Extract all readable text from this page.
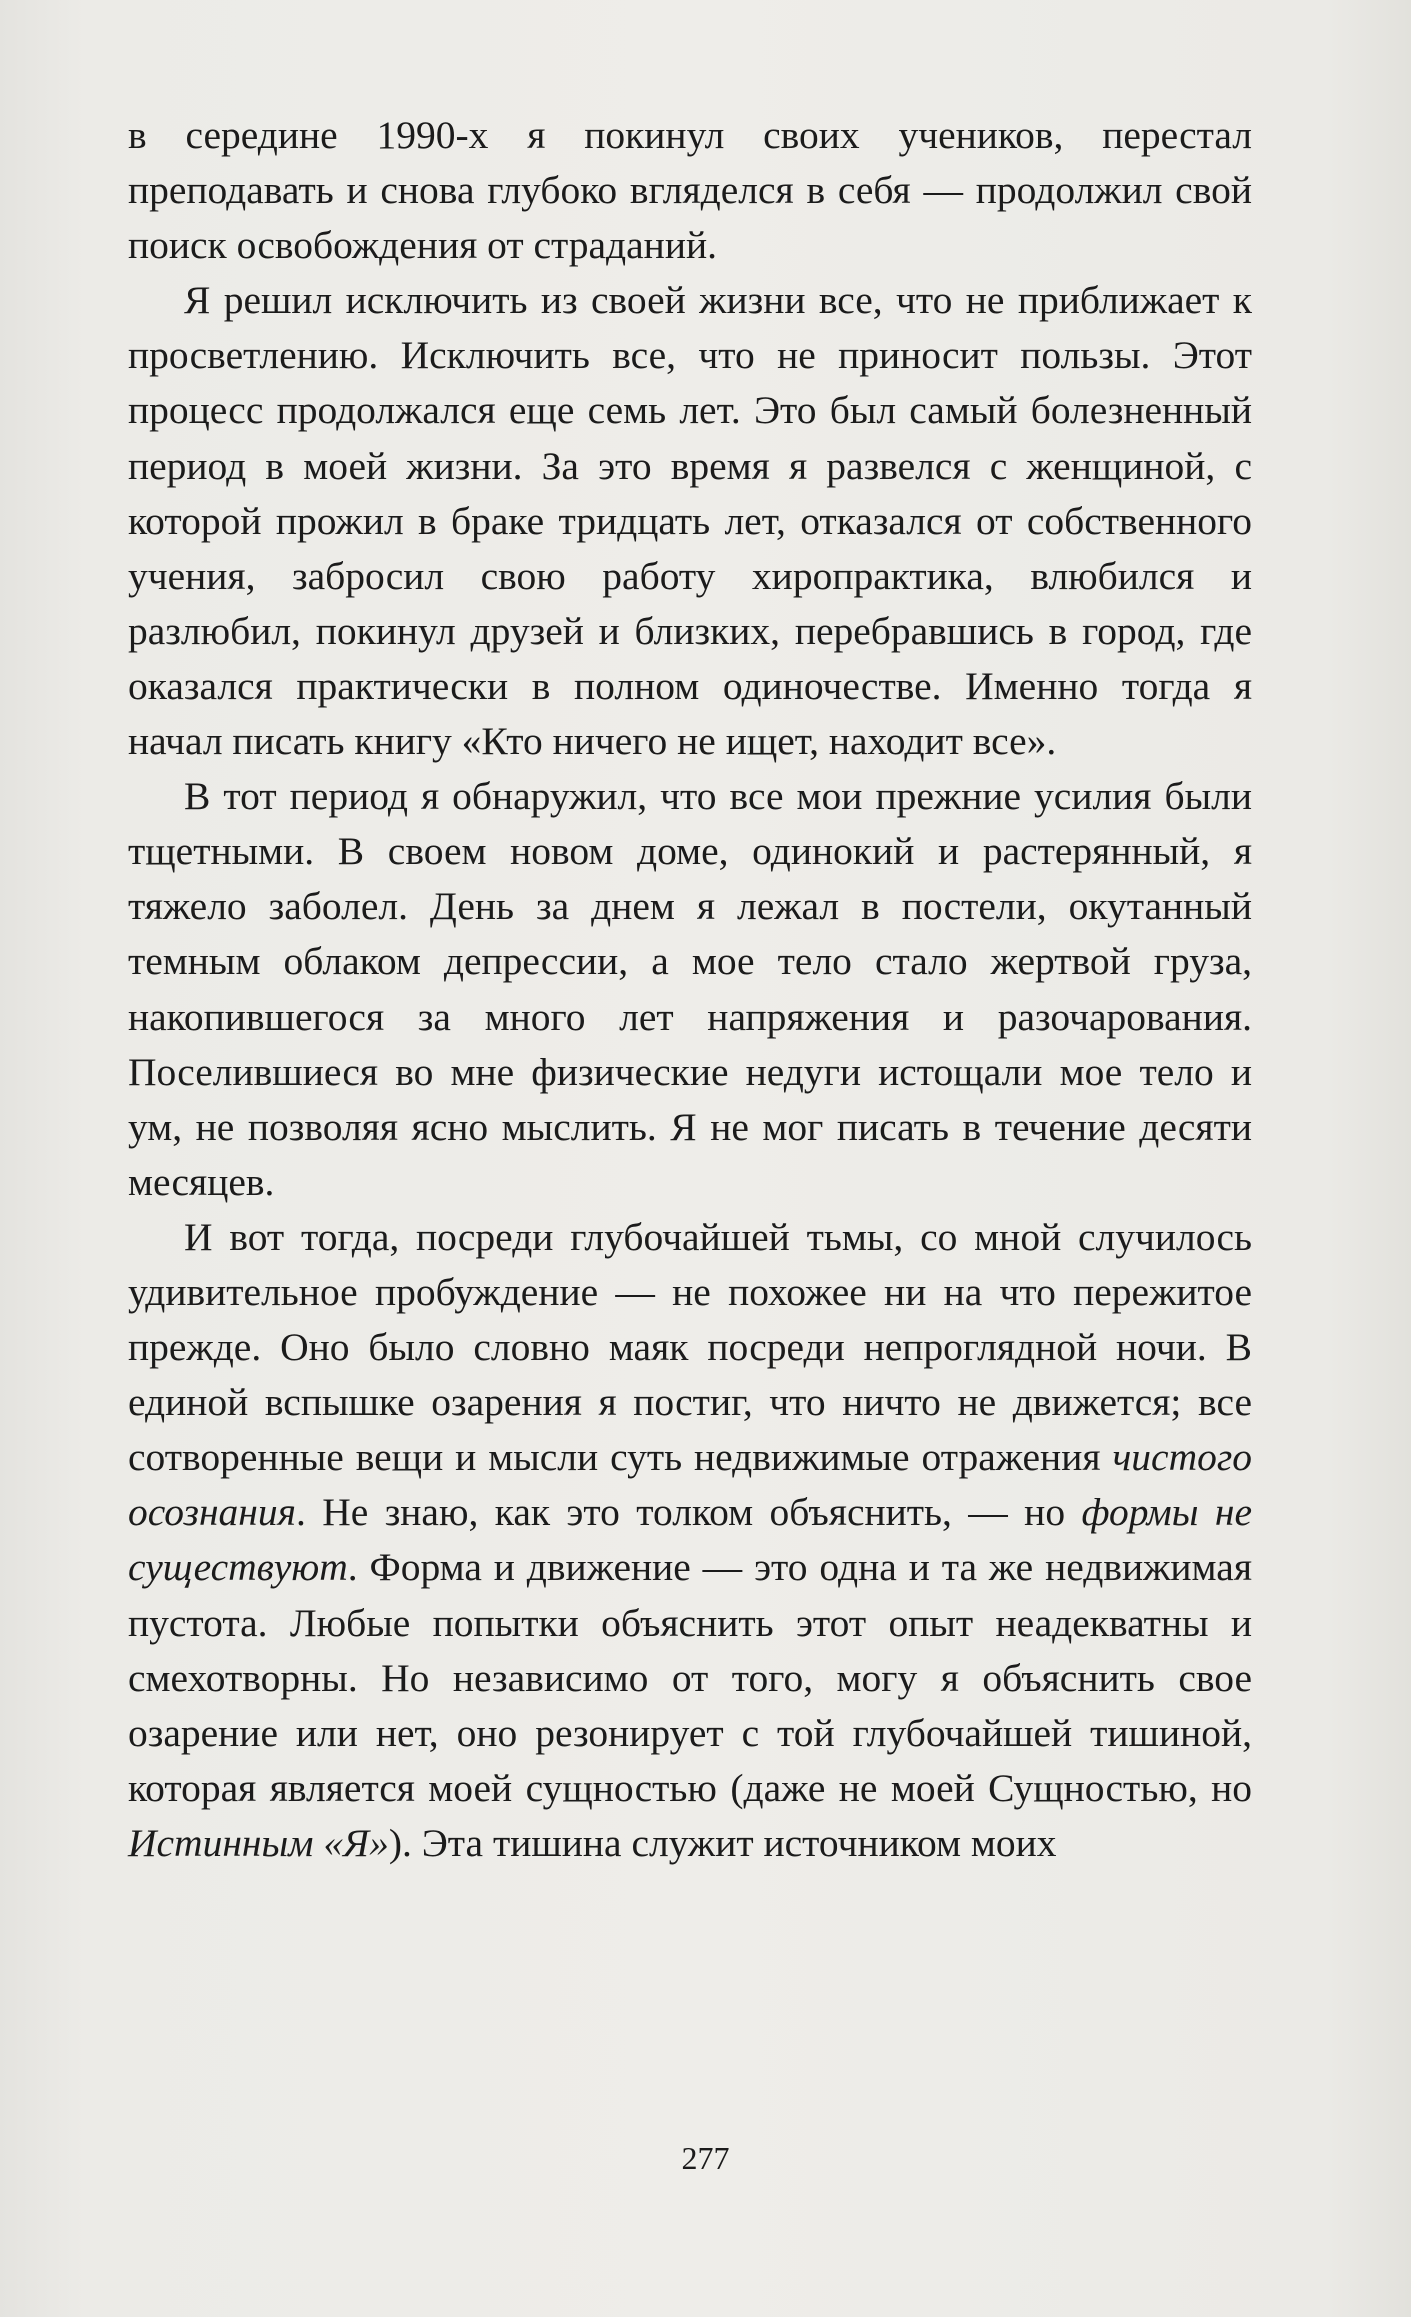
в середине 1990-х я покинул своих учеников, перестал преподавать и снова глубоко вгляделся в себя — продолжил свой поиск освобождения от страданий.

Я решил исключить из своей жизни все, что не приближает к просветлению. Исключить все, что не приносит пользы. Этот процесс продолжался еще семь лет. Это был самый болезненный период в моей жизни. За это время я развелся с женщиной, с которой прожил в браке тридцать лет, отказался от собственного учения, забросил свою работу хиропрактика, влюбился и разлюбил, покинул друзей и близких, перебравшись в город, где оказался практически в полном одиночестве. Именно тогда я начал писать книгу «Кто ничего не ищет, находит все».

В тот период я обнаружил, что все мои прежние усилия были тщетными. В своем новом доме, одинокий и растерянный, я тяжело заболел. День за днем я лежал в постели, окутанный темным облаком депрессии, а мое тело стало жертвой груза, накопившегося за много лет напряжения и разочарования. Поселившиеся во мне физические недуги истощали мое тело и ум, не позволяя ясно мыслить. Я не мог писать в течение десяти месяцев.

И вот тогда, посреди глубочайшей тьмы, со мной случилось удивительное пробуждение — не похожее ни на что пережитое прежде. Оно было словно маяк посреди непроглядной ночи. В единой вспышке озарения я постиг, что ничто не движется; все сотворенные вещи и мысли суть недвижимые отражения чистого осознания. Не знаю, как это толком объяснить, — но формы не существуют. Форма и движение — это одна и та же недвижимая пустота. Любые попытки объяснить этот опыт неадекватны и смехотворны. Но независимо от того, могу я объяснить свое озарение или нет, оно резонирует с той глубочайшей тишиной, которая является моей сущностью (даже не моей Сущностью, но Истинным «Я»). Эта тишина служит источником моих

277
